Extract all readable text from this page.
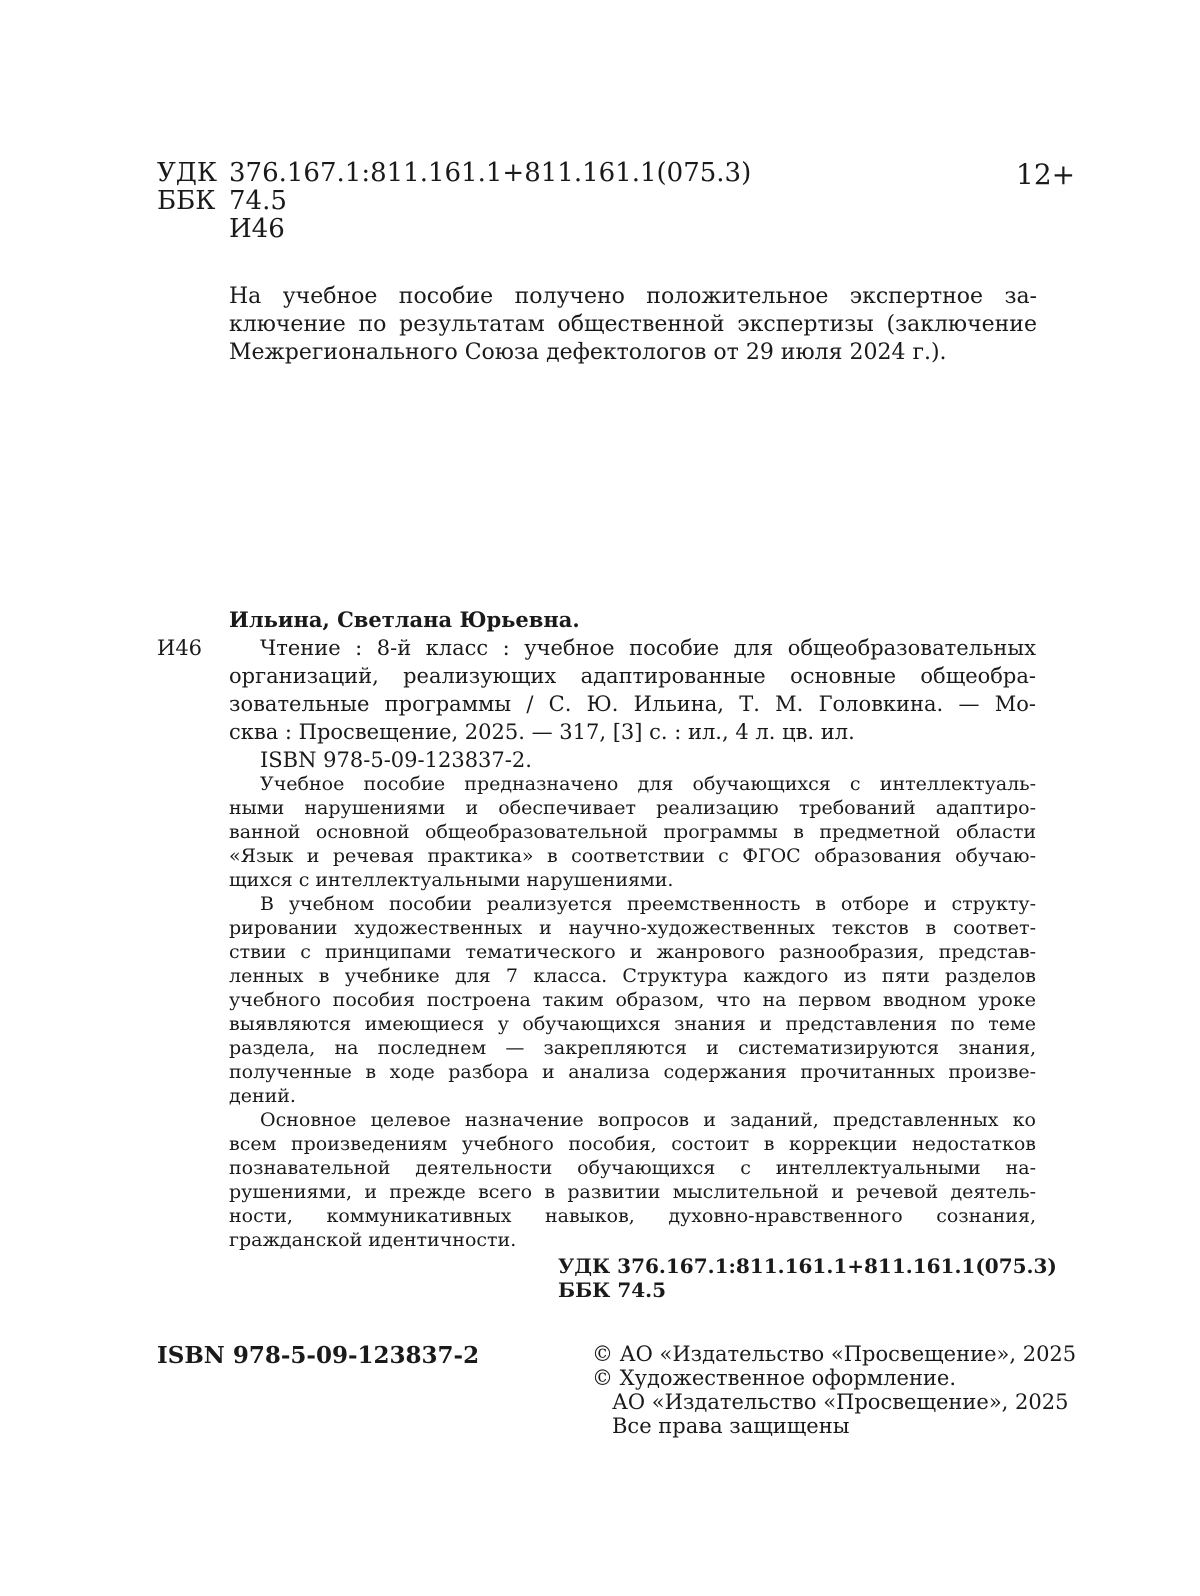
УДК 376.167.1:811.161.1+811.161.1(075.3)	12+
ББК 74.5
И46
На учебное пособие получено положительное экспертное за-
ключение по результатам общественной экспертизы (заключение
Межрегионального Союза дефектологов от 29 июля 2024 г.).
Ильина, Светлана Юрьевна.
И46	Чтение : 8-й класс : учебное пособие для общеобразовательных
организаций, реализующих адаптированные основные общеобра-
зовательные программы / С. Ю. Ильина, Т. М. Головкина. — Мо-
сква : Просвещение, 2025. — 317, [3] с. : ил., 4 л. цв. ил.
ISBN 978-5-09-123837-2.
Учебное пособие предназначено для обучающихся с интеллектуаль-
ными нарушениями и обеспечивает реализацию требований адаптиро-
ванной основной общеобразовательной программы в предметной области
«Язык и речевая практика» в соответствии с ФГОС образования обучаю-
щихся с интеллектуальными нарушениями.
В учебном пособии реализуется преемственность в отборе и структу-
рировании художественных и научно-художественных текстов в соответ-
ствии с принципами тематического и жанрового разнообразия, представ-
ленных в учебнике для 7 класса. Структура каждого из пяти разделов
учебного пособия построена таким образом, что на первом вводном уроке
выявляются имеющиеся у обучающихся знания и представления по теме
раздела, на последнем — закрепляются и систематизируются знания,
полученные в ходе разбора и анализа содержания прочитанных произве-
дений.
Основное целевое назначение вопросов и заданий, представленных ко
всем произведениям учебного пособия, состоит в коррекции недостатков
познавательной деятельности обучающихся с интеллектуальными на-
рушениями, и прежде всего в развитии мыслительной и речевой деятель-
ности, коммуникативных навыков, духовно-нравственного сознания,
гражданской идентичности.
УДК 376.167.1:811.161.1+811.161.1(075.3)
ББК 74.5
ISBN 978-5-09-123837-2	© АО «Издательство «Просвещение», 2025
© Художественное оформление.
АО «Издательство «Просвещение», 2025
Все права защищены
